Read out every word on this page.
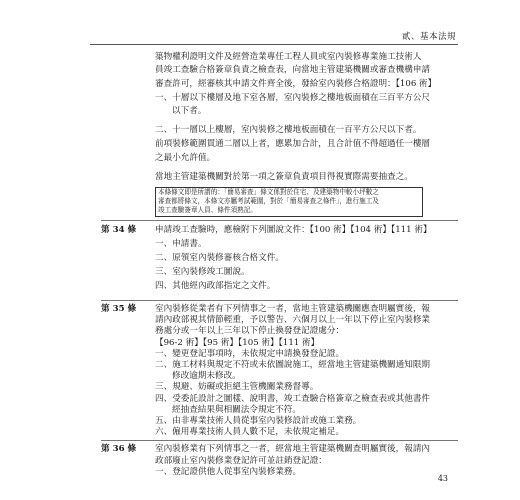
貳、基本法規
築物權利證明文件及經營造業專任工程人員或室內裝修專業施工技術人
員竣工查驗合格簽章負責之檢查表，向當地主管建築機關或審查機構申請
審查許可，經審核其申請文件齊全後，發給室內裝修合格證明：【106 術】
一、十層以下樓層及地下室各層，室內裝修之樓地板面積在三百平方公尺
以下者。
二、十一層以上樓層，室內裝修之樓地板面積在一百平方公尺以下者。
前項裝修範圍貫通二層以上者，應累加合計，且合計值不得超過任一樓層
之最小允許值。
當地主管建築機關對於第一項之簽章負責項目得視實際需要抽查之。
本條條文即是所謂的：「簡易審查」條文係對於住宅、及建築物中較小坪數之
審查都將條文，本條文亦屬考試範圍，對於「簡易審查之條件」，進行施工及
竣工查驗簽章人員、條件須熟記。
第 34 條 申請竣工查驗時，應檢附下列圖說文件：【100 術】【104 術】【111 術】
一、申請書。
二、原領室內裝修審核合格文件。
三、室內裝修竣工圖說。
四、其他經內政部指定之文件。
第 35 條 室內裝修從業者有下列情事之一者，當地主管建築機關應查明屬實後，報
請內政部視其情節輕重，予以警告、六個月以上一年以下停止室內裝修業
務處分或一年以上三年以下停止換發登記證處分：
【96-2 術】【95 術】【105 術】【111 術】
一、變更登記事項時，未依規定申請換發登記證。
二、施工材料與規定不符或未依圖說施工，經當地主管建築機關通知限期
修改逾期未修改。
三、規避、妨礙或拒絕主管機關業務督導。
四、受委託設計之圖樣、說明書，竣工查驗合格簽章之檢查表或其他書件
經抽查結果與相關法令規定不符。
五、由非專業技術人員從事室內裝修設計或施工業務。
六、僱用專業技術人員人數不足，未依規定補足。
43
第 36 條 室內裝修業有下列情事之一者，經當地主管建築機關查明屬實後，報請內
政部廢止室內裝修業登記許可並註銷登記證：
一、登記證供他人從事室內裝修業務。
